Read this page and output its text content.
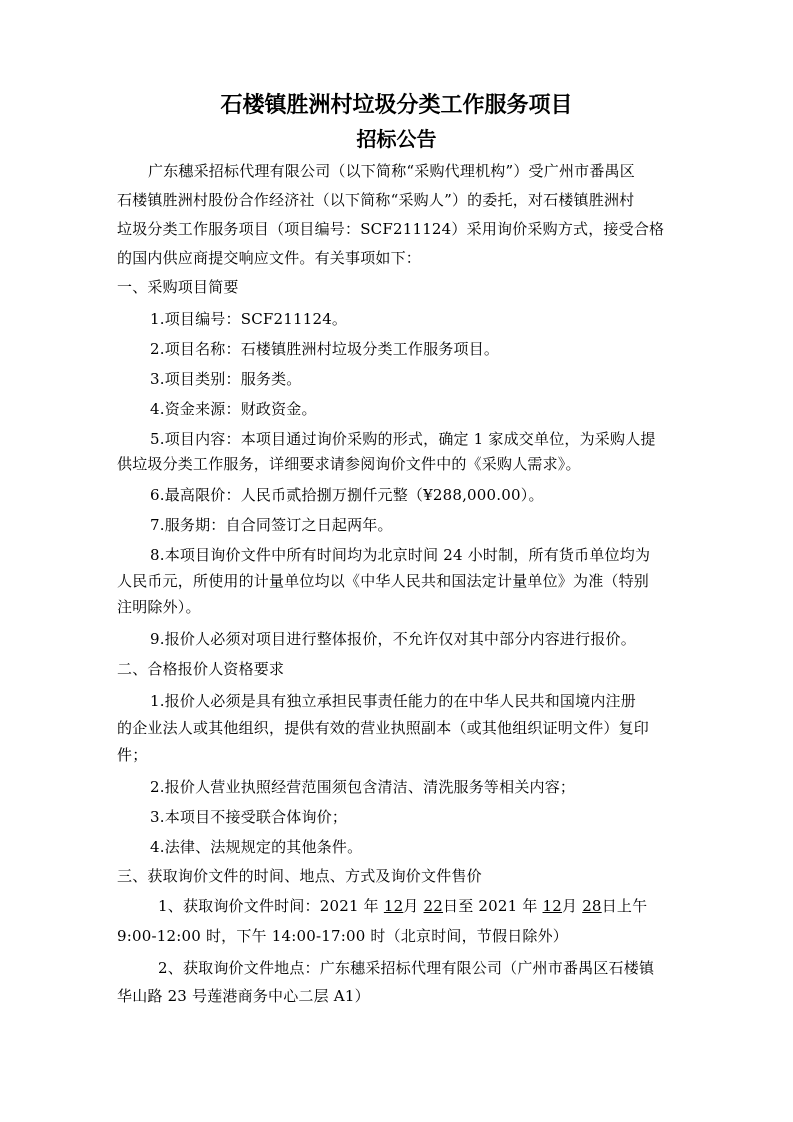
石楼镇胜洲村垃圾分类工作服务项目
招标公告
广东穗采招标代理有限公司（以下简称“采购代理机构”）受广州市番禺区
石楼镇胜洲村股份合作经济社（以下简称“采购人”）的委托，对石楼镇胜洲村
垃圾分类工作服务项目（项目编号：SCF211124）采用询价采购方式，接受合格
的国内供应商提交响应文件。有关事项如下：
一、采购项目简要
1.项目编号：SCF211124。
2.项目名称：石楼镇胜洲村垃圾分类工作服务项目。
3.项目类别：服务类。
4.资金来源：财政资金。
5.项目内容：本项目通过询价采购的形式，确定 1 家成交单位，为采购人提
供垃圾分类工作服务，详细要求请参阅询价文件中的《采购人需求》。
6.最高限价：人民币贰拾捌万捌仟元整（¥288,000.00）。
7.服务期：自合同签订之日起两年。
8.本项目询价文件中所有时间均为北京时间 24 小时制，所有货币单位均为
人民币元，所使用的计量单位均以《中华人民共和国法定计量单位》为准（特别
注明除外）。
9.报价人必须对项目进行整体报价，不允许仅对其中部分内容进行报价。
二、合格报价人资格要求
1.报价人必须是具有独立承担民事责任能力的在中华人民共和国境内注册
的企业法人或其他组织，提供有效的营业执照副本（或其他组织证明文件）复印
件；
2.报价人营业执照经营范围须包含清洁、清洗服务等相关内容；
3.本项目不接受联合体询价；
4.法律、法规规定的其他条件。
三、获取询价文件的时间、地点、方式及询价文件售价
1、获取询价文件时间：2021 年 12月 22日至 2021 年 12月 28日上午
9:00-12:00 时，下午 14:00-17:00 时（北京时间，节假日除外）
2、获取询价文件地点：广东穗采招标代理有限公司（广州市番禺区石楼镇
华山路 23 号莲港商务中心二层 A1）
